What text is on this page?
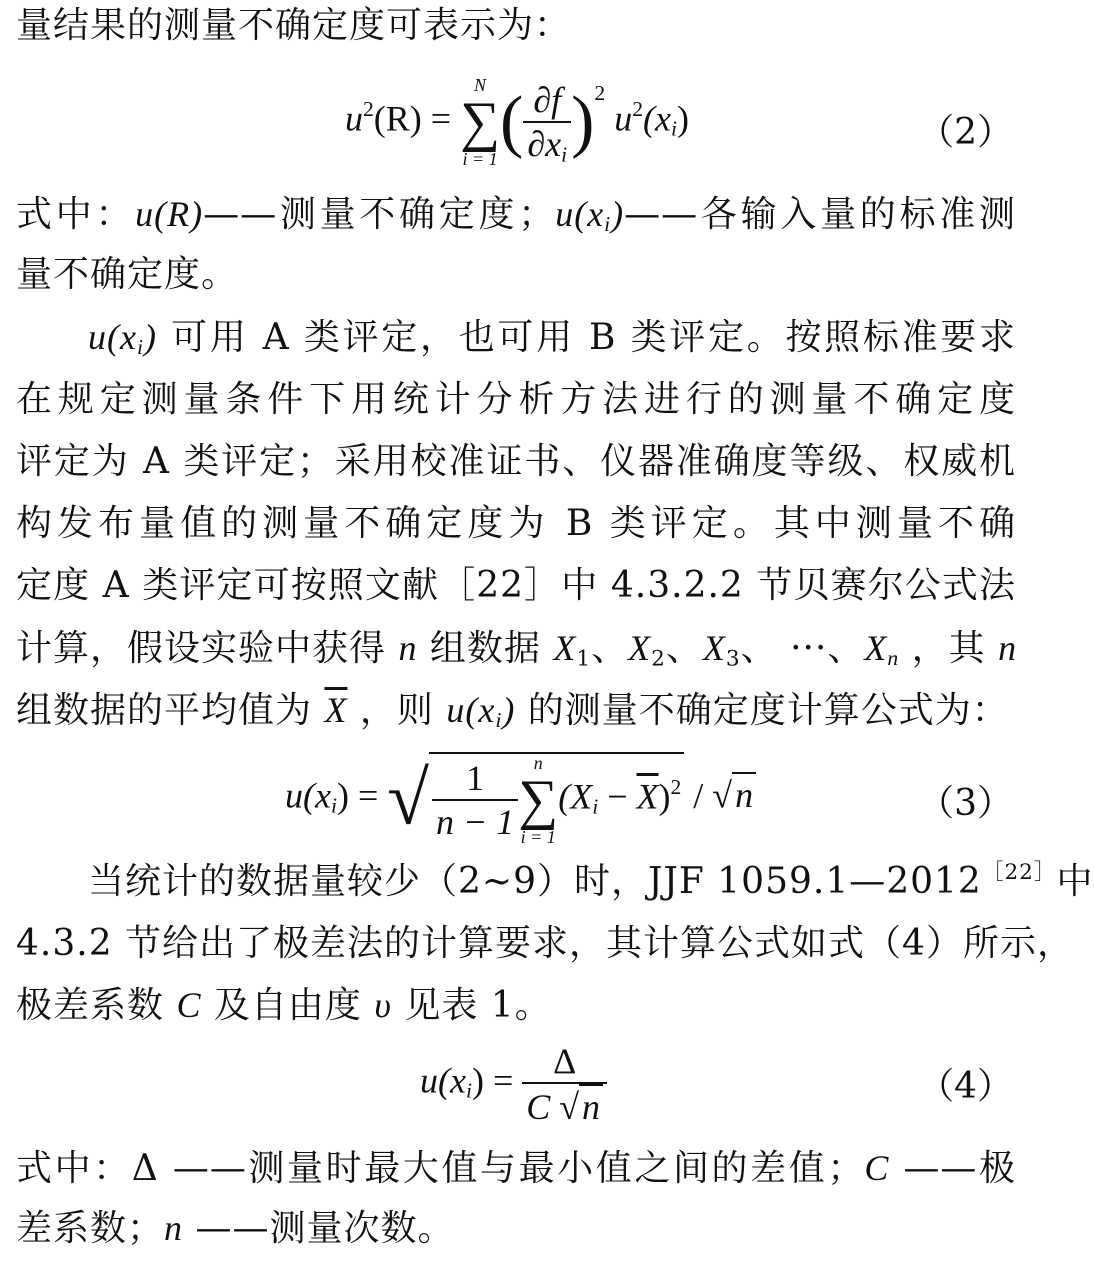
量结果的测量不确定度可表示为：
$u^2(R)$ =
N
∑
i = 1 ( $\frac{\partial f}{\partial x_i} )^2$ $u^2(x_i)$	（2）
式中：u(R)——测量不确定度；$u(x_i)——$各输入量的标准测
量不确定度。
$u(x_i)$ 可用 A 类评定，也可用 B 类评定。按照标准要求
在规定测量条件下用统计分析方法进行的测量不确定度
评定为 A 类评定；采用校准证书、仪器准确度等级、权威机
构发布量值的测量不确定度为 B 类评定。其中测量不确
定度 A 类评定可按照文献［22］中 4.3.2.2 节贝赛尔公式法
计算，假设实验中获得 n 组数据 $X_1$、$X_2$、$X_3$、 ···、$X_n$ ，其 n
组数据的平均值为 $\overline{X}$ ，则 $u(x_i)$ 的测量不确定度计算公式为：
$u(x_i)$ = √ $\frac{1}{n - 1}$ n
∑
i = 1
$(X_i - \overline{X})^2 / √n$	（3）
当统计的数据量较少（2~9）时，JJF $1059.1—2012^{[22]}$中
4.3.2 节给出了极差法的计算要求，其计算公式如式（4）所示，
极差系数 C 及自由度 υ 见表 1。
$u(x_i) = \frac{\Delta}{C √n}$	（4）
式中：Δ ——测量时最大值与最小值之间的差值；C ——极
差系数；n ——测量次数。
